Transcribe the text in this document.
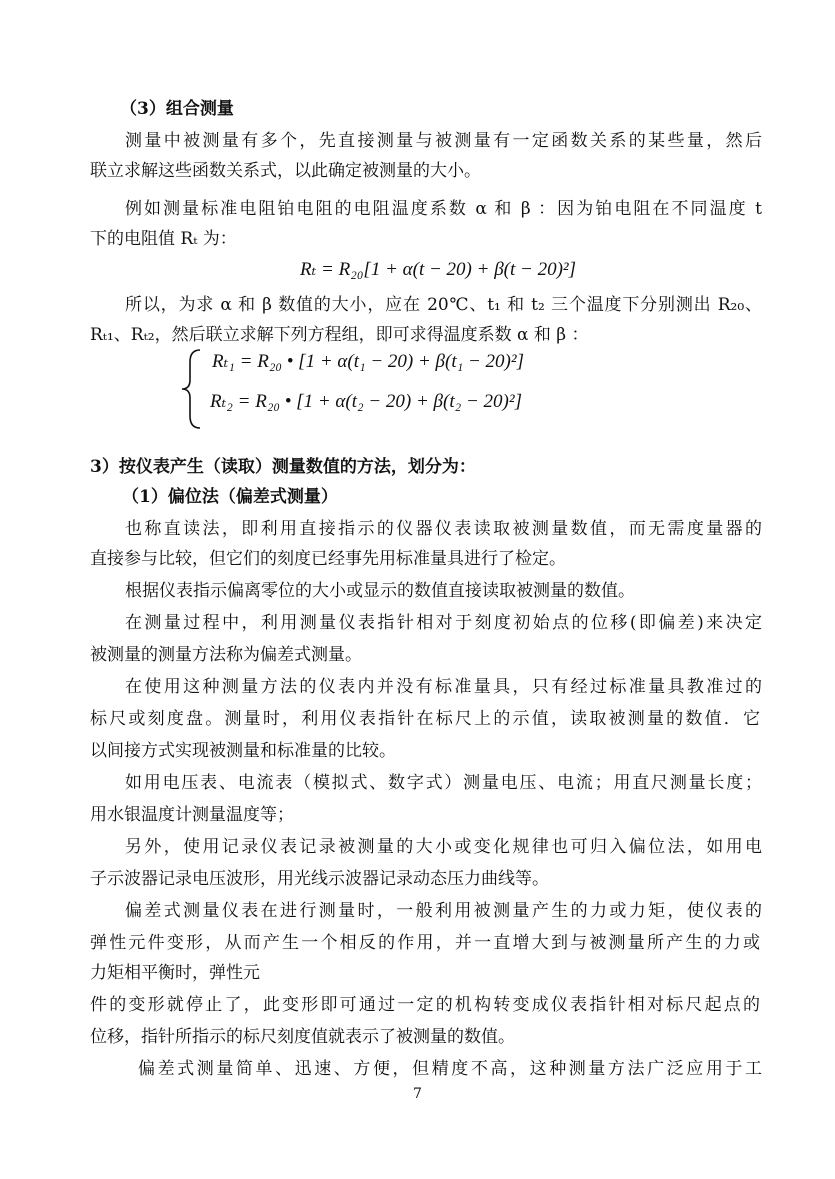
（3）组合测量
测量中被测量有多个，先直接测量与被测量有一定函数关系的某些量，然后
联立求解这些函数关系式，以此确定被测量的大小。
例如测量标准电阻铂电阻的电阻温度系数 α 和 β ：因为铂电阻在不同温度 t
下的电阻值 Rₜ 为：
Rₜ = R₂₀[1 + α(t − 20) + β(t − 20)²]
所以，为求 α 和 β 数值的大小，应在 20℃、t₁ 和 t₂ 三个温度下分别测出 R₂₀、
Rₜ₁、Rₜ₂，然后联立求解下列方程组，即可求得温度系数 α 和 β ：
Rₜ₁ = R₂₀ • [1 + α(t₁ − 20) + β(t₁ − 20)²]
Rₜ₂ = R₂₀ • [1 + α(t₂ − 20) + β(t₂ − 20)²]
3）按仪表产生（读取）测量数值的方法，划分为：
（1）偏位法（偏差式测量）
也称直读法，即利用直接指示的仪器仪表读取被测量数值，而无需度量器的
直接参与比较，但它们的刻度已经事先用标准量具进行了检定。
根据仪表指示偏离零位的大小或显示的数值直接读取被测量的数值。
在测量过程中，利用测量仪表指针相对于刻度初始点的位移(即偏差)来决定
被测量的测量方法称为偏差式测量。
在使用这种测量方法的仪表内并没有标准量具，只有经过标准量具教准过的
标尺或刻度盘。测量时，利用仪表指针在标尺上的示值，读取被测量的数值．它
以间接方式实现被测量和标准量的比较。
如用电压表、电流表（模拟式、数字式）测量电压、电流；用直尺测量长度；
用水银温度计测量温度等；
另外，使用记录仪表记录被测量的大小或变化规律也可归入偏位法，如用电
子示波器记录电压波形，用光线示波器记录动态压力曲线等。
偏差式测量仪表在进行测量时，一般利用被测量产生的力或力矩，使仪表的
弹性元件变形，从而产生一个相反的作用，并一直增大到与被测量所产生的力或
力矩相平衡时，弹性元
件的变形就停止了，此变形即可通过一定的机构转变成仪表指针相对标尺起点的
位移，指针所指示的标尺刻度值就表示了被测量的数值。
偏差式测量简单、迅速、方便，但精度不高，这种测量方法广泛应用于工
7
